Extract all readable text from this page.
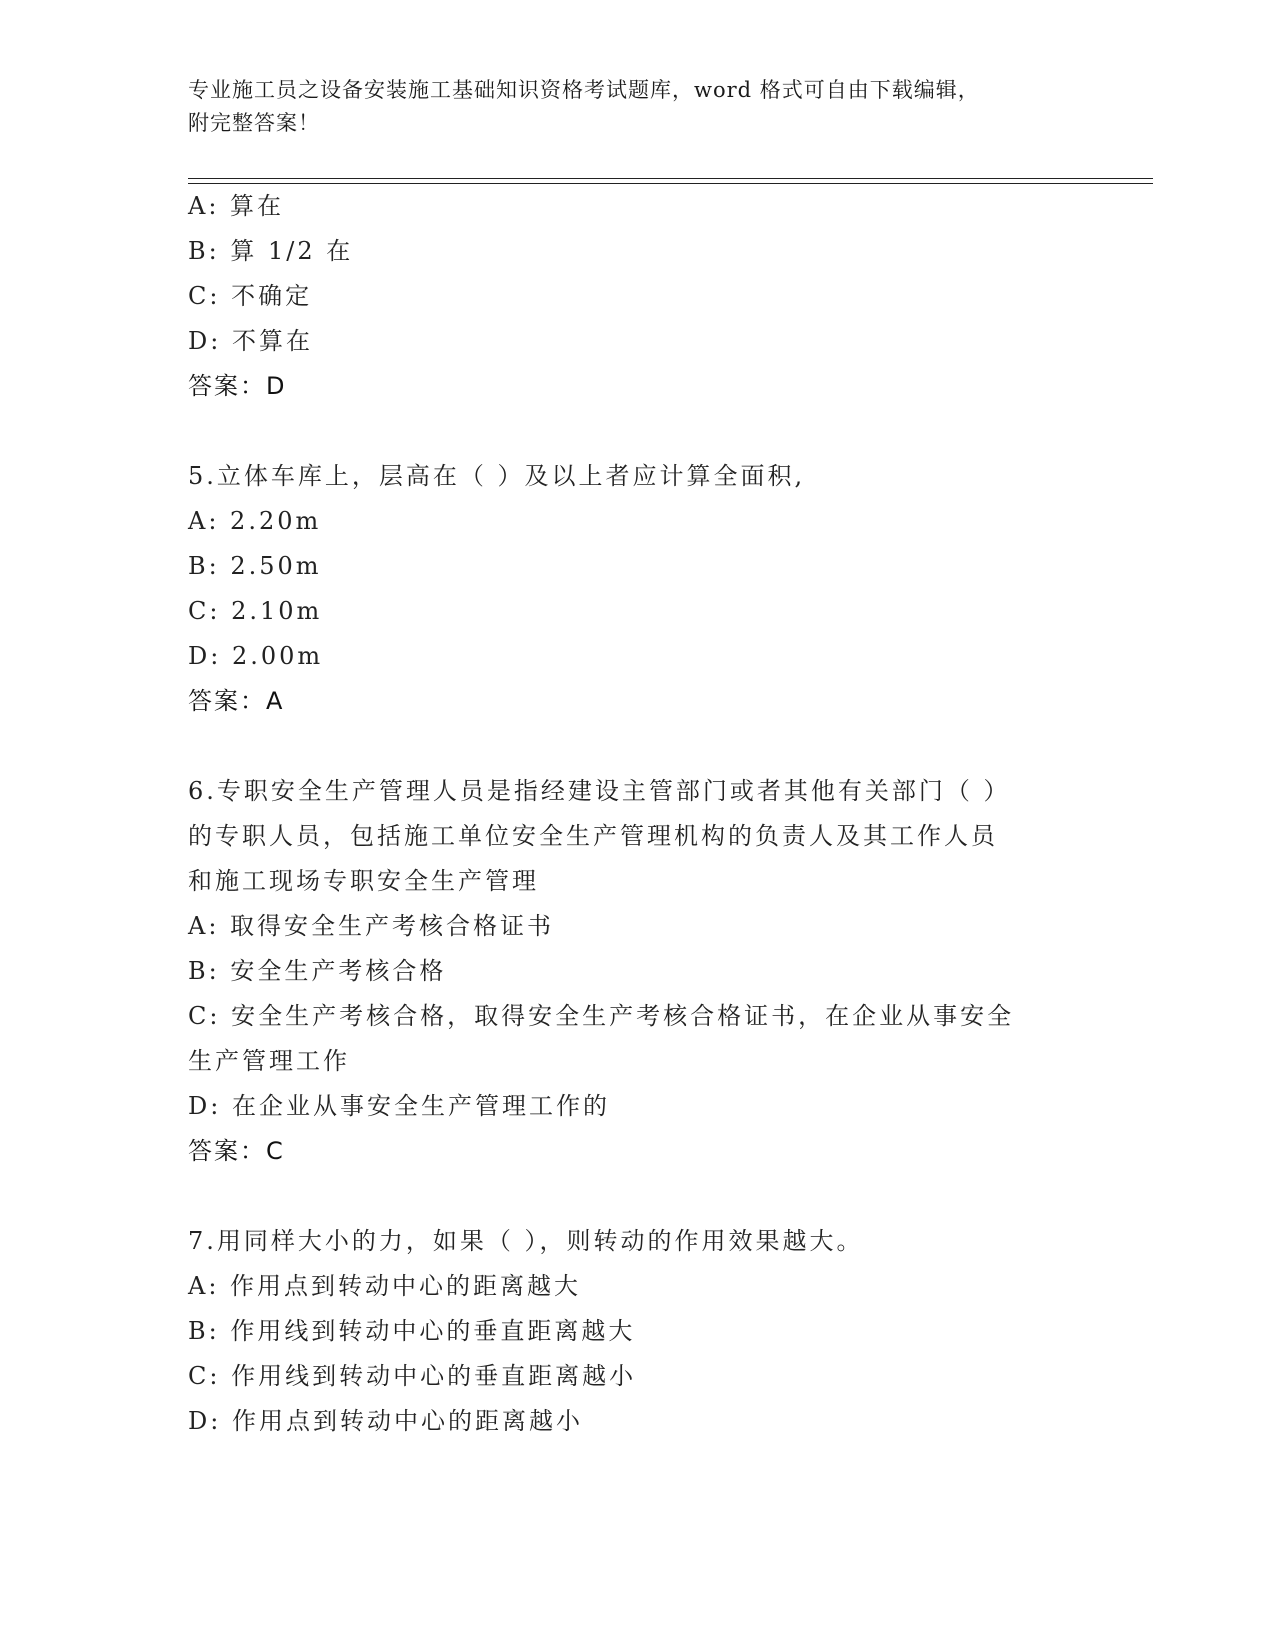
专业施工员之设备安装施工基础知识资格考试题库，word 格式可自由下载编辑，
附完整答案！
A: 算在
B: 算 1/2 在
C: 不确定
D: 不算在
答案：D
5.立体车库上，层高在（ ）及以上者应计算全面积,
A: 2.20m
B: 2.50m
C: 2.10m
D: 2.00m
答案：A
6.专职安全生产管理人员是指经建设主管部门或者其他有关部门（ ）
的专职人员，包括施工单位安全生产管理机构的负责人及其工作人员
和施工现场专职安全生产管理
A: 取得安全生产考核合格证书
B: 安全生产考核合格
C: 安全生产考核合格，取得安全生产考核合格证书，在企业从事安全
生产管理工作
D: 在企业从事安全生产管理工作的
答案：C
7.用同样大小的力，如果（ ），则转动的作用效果越大。
A: 作用点到转动中心的距离越大
B: 作用线到转动中心的垂直距离越大
C: 作用线到转动中心的垂直距离越小
D: 作用点到转动中心的距离越小
